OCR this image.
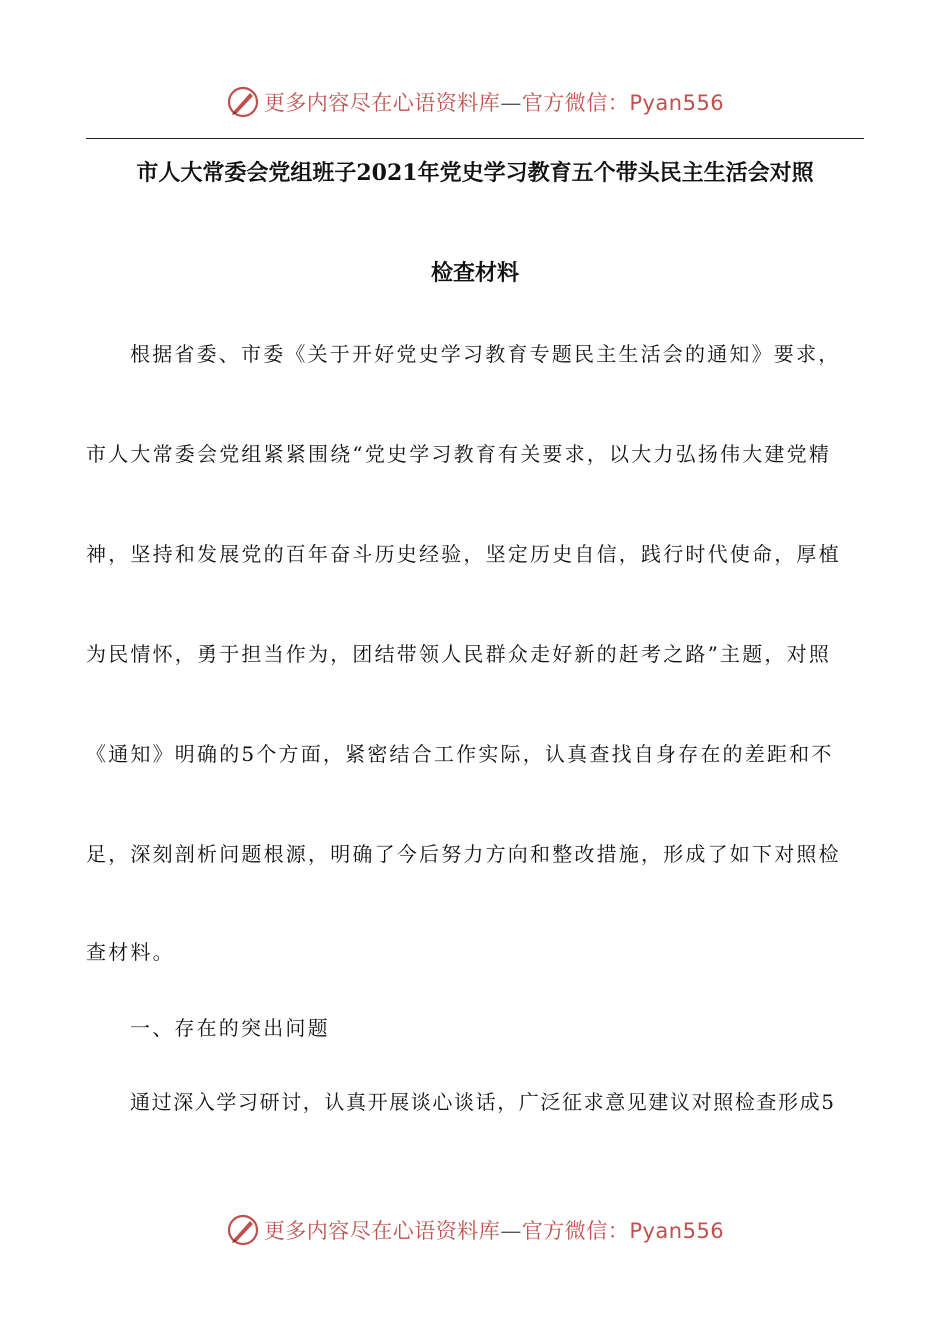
更多内容尽在心语资料库—官方微信：Pyan556
市人大常委会党组班子2021年党史学习教育五个带头民主生活会对照
检查材料
根据省委、市委《关于开好党史学习教育专题民主生活会的通知》要求，
市人大常委会党组紧紧围绕“党史学习教育有关要求，以大力弘扬伟大建党精
神，坚持和发展党的百年奋斗历史经验，坚定历史自信，践行时代使命，厚植
为民情怀，勇于担当作为，团结带领人民群众走好新的赶考之路”主题，对照
《通知》明确的5个方面，紧密结合工作实际，认真查找自身存在的差距和不
足，深刻剖析问题根源，明确了今后努力方向和整改措施，形成了如下对照检
查材料。
一、存在的突出问题
通过深入学习研讨，认真开展谈心谈话，广泛征求意见建议对照检查形成5
更多内容尽在心语资料库—官方微信：Pyan556
